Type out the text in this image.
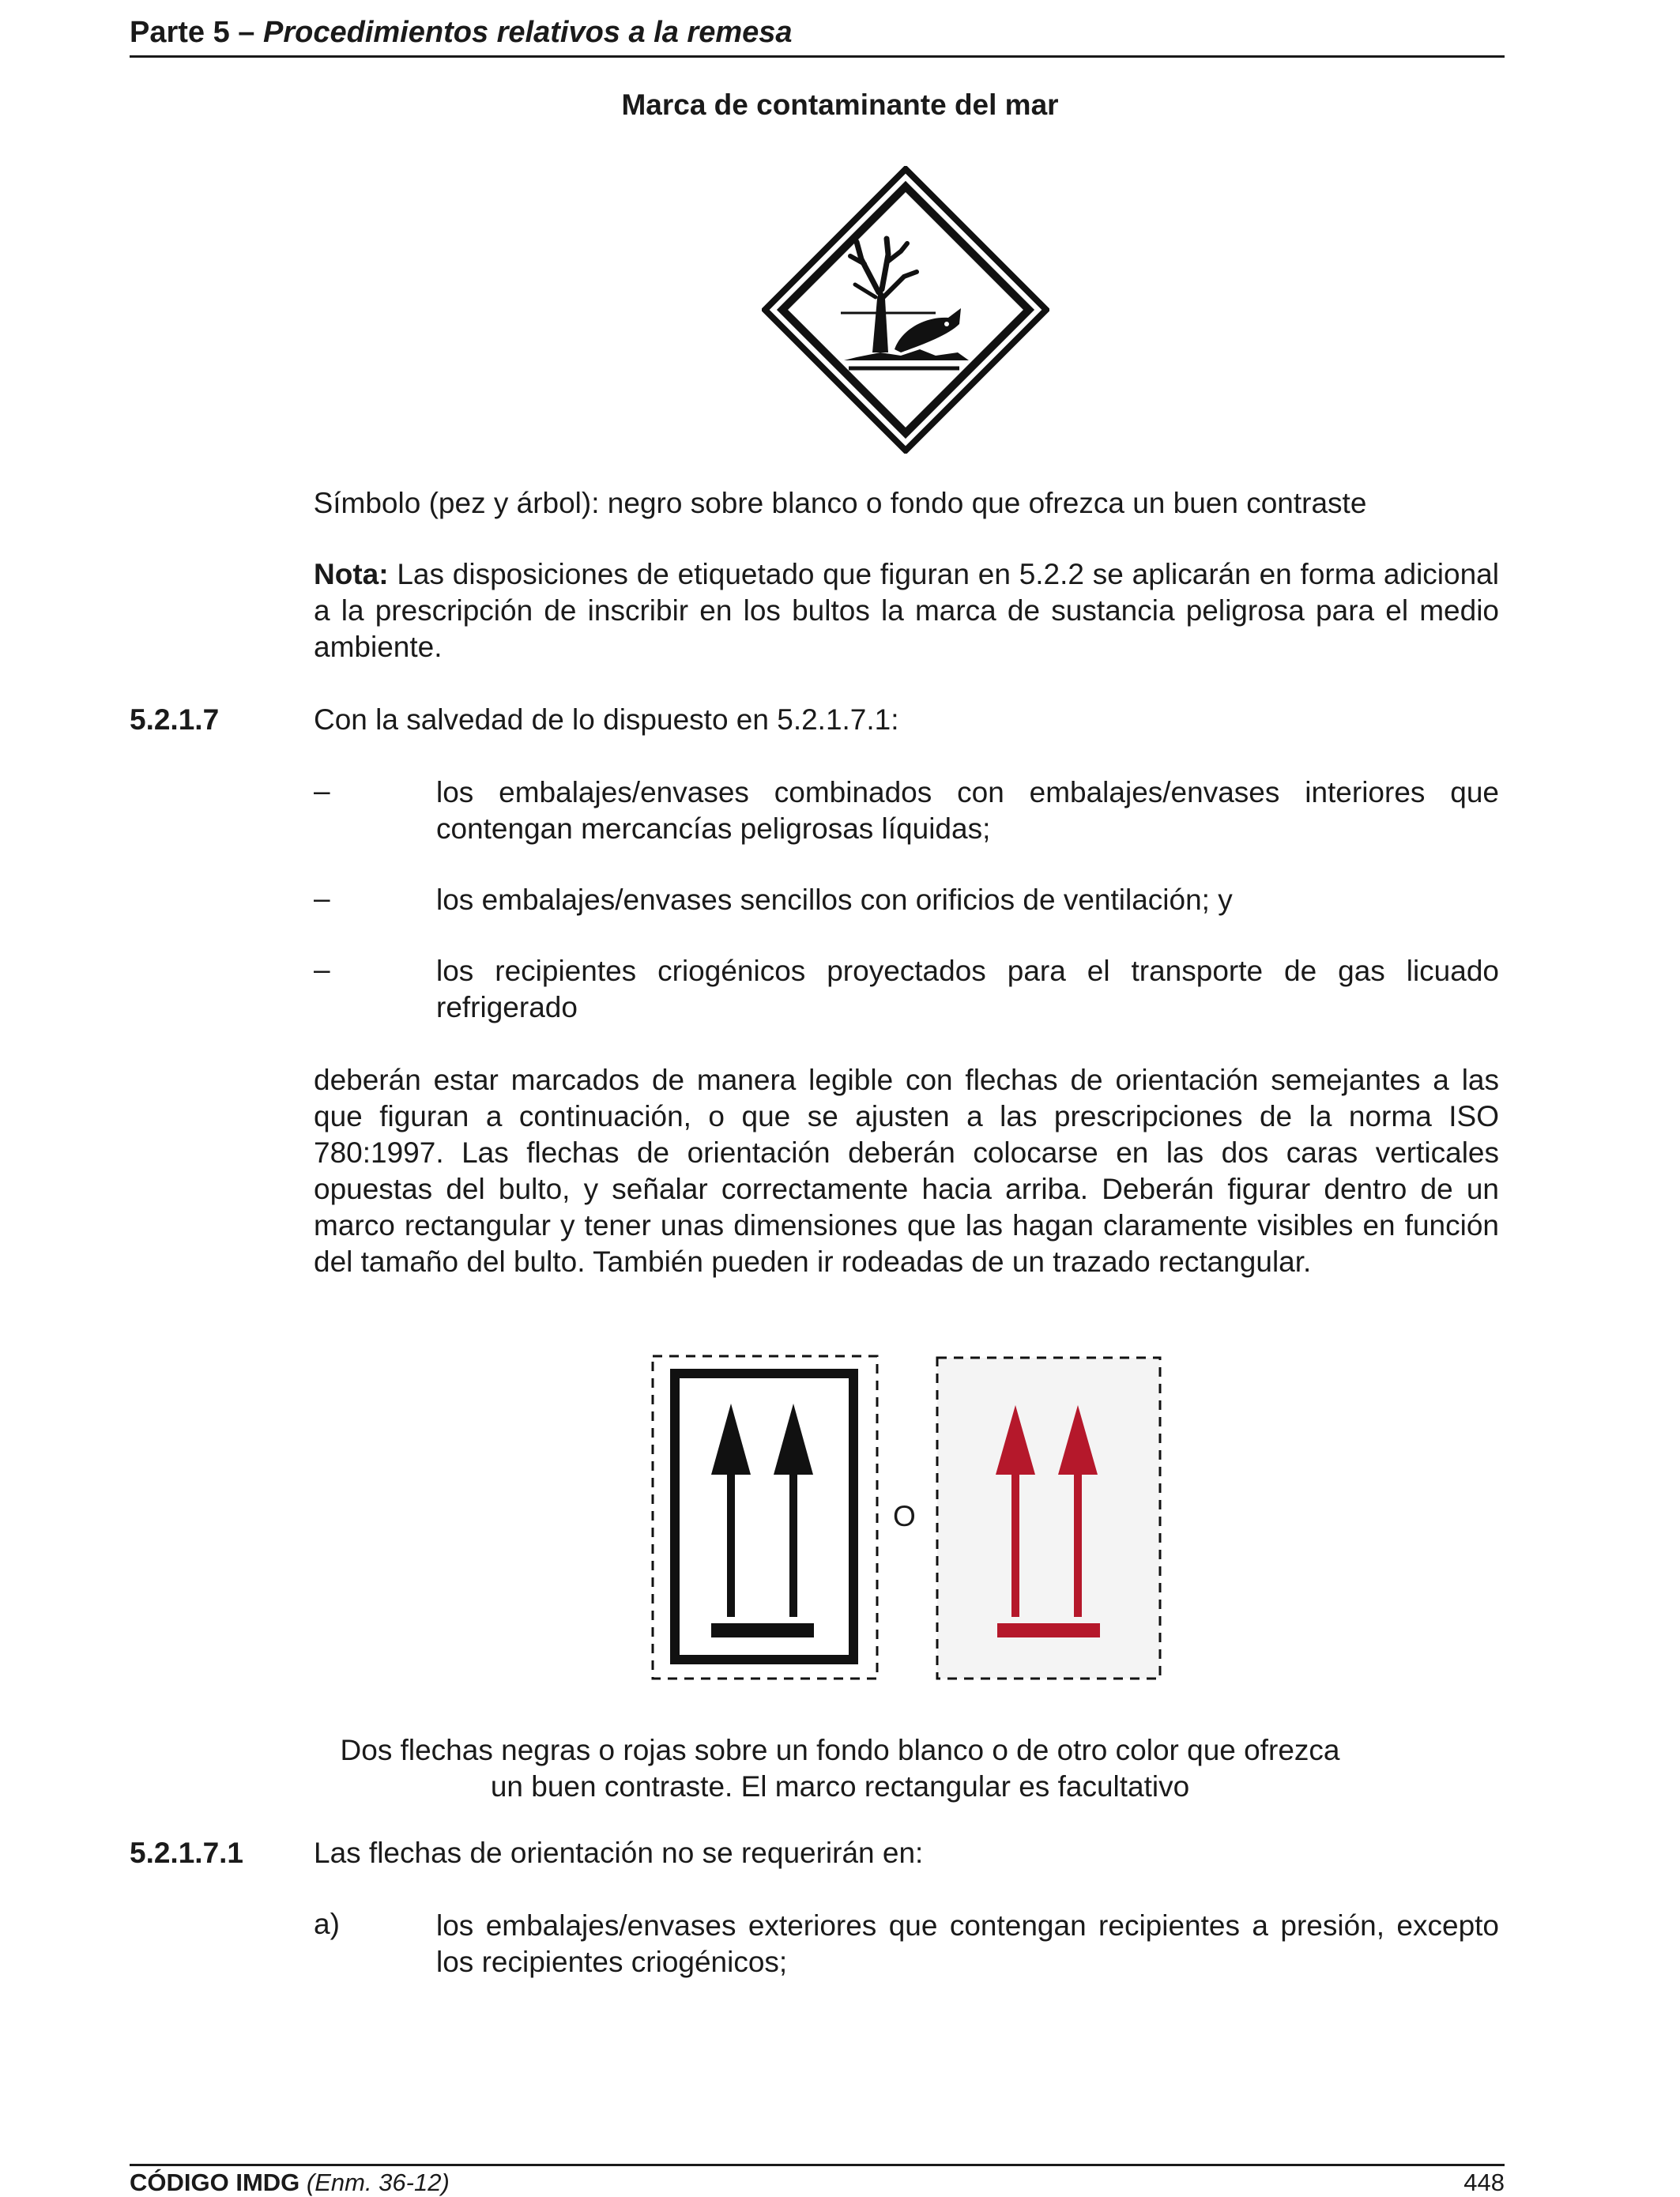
Parte 5 – Procedimientos relativos a la remesa
Marca de contaminante del mar
Símbolo (pez y árbol): negro sobre blanco o fondo que ofrezca un buen contraste
Nota: Las disposiciones de etiquetado que figuran en 5.2.2 se aplicarán en forma adicional a la prescripción de inscribir en los bultos la marca de sustancia peligrosa para el medio ambiente.
5.2.1.7	Con la salvedad de lo dispuesto en 5.2.1.7.1:
–	los embalajes/envases combinados con embalajes/envases interiores que contengan mercancías peligrosas líquidas;
–	los embalajes/envases sencillos con orificios de ventilación; y
–	los recipientes criogénicos proyectados para el transporte de gas licuado refrigerado
deberán estar marcados de manera legible con flechas de orientación semejantes a las que figuran a continuación, o que se ajusten a las prescripciones de la norma ISO 780:1997. Las flechas de orientación deberán colocarse en las dos caras verticales opuestas del bulto, y señalar correctamente hacia arriba. Deberán figurar dentro de un marco rectangular y tener unas dimensiones que las hagan claramente visibles en función del tamaño del bulto. También pueden ir rodeadas de un trazado rectangular.
O
Dos flechas negras o rojas sobre un fondo blanco o de otro color que ofrezca
un buen contraste. El marco rectangular es facultativo
5.2.1.7.1 Las flechas de orientación no se requerirán en:
a)	los embalajes/envases exteriores que contengan recipientes a presión, excepto los recipientes criogénicos;
CÓDIGO IMDG (Enm. 36-12)	448
